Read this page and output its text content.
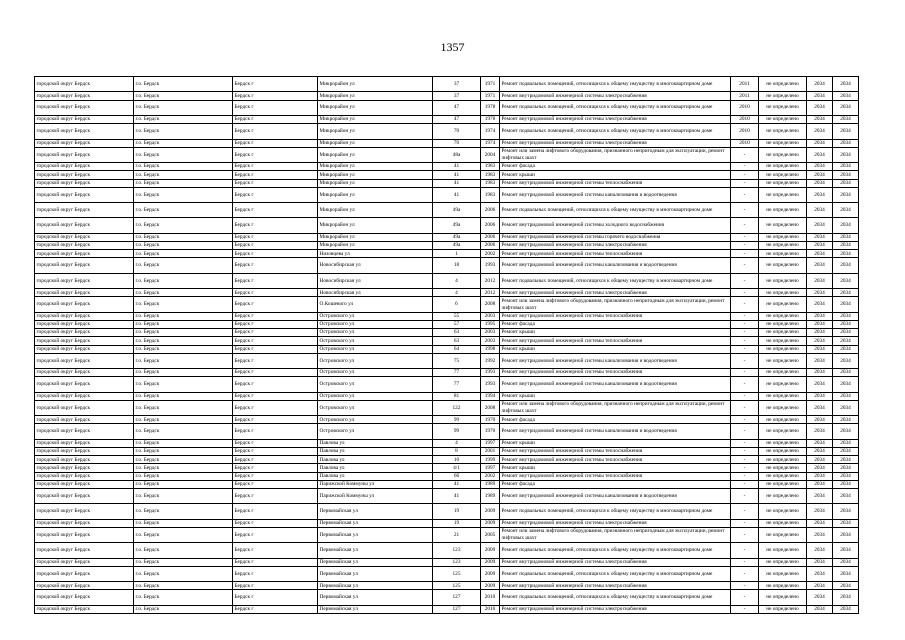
1357
городской округ Бердск	г.о. Бердск	Бердск г	Микрорайон ул	37	1971	Ремонт подвальных помещений, относящихся к общему имуществу в многоквартирном доме	2011	не определено	2034	2034
городской округ Бердск	г.о. Бердск	Бердск г	Микрорайон ул	37	1971	Ремонт внутридомовой инженерной системы электроснабжения	2011	не определено	2034	2034
городской округ Бердск	г.о. Бердск	Бердск г	Микрорайон ул	47	1978	Ремонт подвальных помещений, относящихся к общему имуществу в многоквартирном доме	2010	не определено	2034	2034
городской округ Бердск	г.о. Бердск	Бердск г	Микрорайон ул	47	1978	Ремонт внутридомовой инженерной системы электроснабжения	2010	не определено	2034	2034
городской округ Бердск	г.о. Бердск	Бердск г	Микрорайон ул	70	1974	Ремонт подвальных помещений, относящихся к общему имуществу в многоквартирном доме	2010	не определено	2034	2034
городской округ Бердск	г.о. Бердск	Бердск г	Микрорайон ул	70	1974	Ремонт внутридомовой инженерной системы электроснабжения	2010	не определено	2034	2034
городской округ Бердск	г.о. Бердск	Бердск г	Микрорайон ул	48а	2004	Ремонт или замена лифтового оборудования, признанного непригодным для эксплуатации, ремонт лифтовых шахт	-	не определено	2034	2034
городской округ Бердск	г.о. Бердск	Бердск г	Микрорайон ул	41	1983	Ремонт фасада	-	не определено	2034	2034
городской округ Бердск	г.о. Бердск	Бердск г	Микрорайон ул	41	1983	Ремонт крыши	-	не определено	2034	2034
городской округ Бердск	г.о. Бердск	Бердск г	Микрорайон ул	41	1983	Ремонт внутридомовой инженерной системы теплоснабжения	-	не определено	2034	2034
городской округ Бердск	г.о. Бердск	Бердск г	Микрорайон ул	41	1983	Ремонт внутридомовой инженерной системы канализования и водоотведения	-	не определено	2034	2034
городской округ Бердск	г.о. Бердск	Бердск г	Микрорайон ул	49а	2006	Ремонт подвальных помещений, относящихся к общему имуществу в многоквартирном доме	-	не определено	2034	2034
городской округ Бердск	г.о. Бердск	Бердск г	Микрорайон ул	49а	2006	Ремонт внутридомовой инженерной системы холодного водоснабжения	-	не определено	2034	2034
городской округ Бердск	г.о. Бердск	Бердск г	Микрорайон ул	49а	2006	Ремонт внутридомовой инженерной системы горячего водоснабжения	-	не определено	2034	2034
городской округ Бердск	г.о. Бердск	Бердск г	Микрорайон ул	49а	2006	Ремонт внутридомовой инженерной системы электроснабжения	-	не определено	2034	2034
городской округ Бердск	г.о. Бердск	Бердск г	Низовцева ул	1	2002	Ремонт внутридомовой инженерной системы теплоснабжения	-	не определено	2034	2034
городской округ Бердск	г.о. Бердск	Бердск г	Новосибирская ул	18	1993	Ремонт внутридомовой инженерной системы канализования и водоотведения	-	не определено	2034	2034
городской округ Бердск	г.о. Бердск	Бердск г	Новосибирская ул	4	2012	Ремонт подвальных помещений, относящихся к общему имуществу в многоквартирном доме	-	не определено	2034	2034
городской округ Бердск	г.о. Бердск	Бердск г	Новосибирская ул	4	2012	Ремонт внутридомовой инженерной системы электроснабжения	-	не определено	2034	2034
городской округ Бердск	г.о. Бердск	Бердск г	О.Кошевого ул	6	2008	Ремонт или замена лифтового оборудования, признанного непригодным для эксплуатации, ремонт лифтовых шахт	-	не определено	2034	2034
городской округ Бердск	г.о. Бердск	Бердск г	Островского ул	55	2003	Ремонт внутридомовой инженерной системы теплоснабжения	-	не определено	2034	2034
городской округ Бердск	г.о. Бердск	Бердск г	Островского ул	57	1995	Ремонт фасада	-	не определено	2034	2034
городской округ Бердск	г.о. Бердск	Бердск г	Островского ул	63	2003	Ремонт крыши	-	не определено	2034	2034
городской округ Бердск	г.о. Бердск	Бердск г	Островского ул	63	2003	Ремонт внутридомовой инженерной системы теплоснабжения	-	не определено	2034	2034
городской округ Бердск	г.о. Бердск	Бердск г	Островского ул	64	1998	Ремонт крыши	-	не определено	2034	2034
городской округ Бердск	г.о. Бердск	Бердск г	Островского ул	75	1992	Ремонт внутридомовой инженерной системы канализования и водоотведения	-	не определено	2034	2034
городской округ Бердск	г.о. Бердск	Бердск г	Островского ул	77	1993	Ремонт внутридомовой инженерной системы теплоснабжения	-	не определено	2034	2034
городской округ Бердск	г.о. Бердск	Бердск г	Островского ул	77	1993	Ремонт внутридомовой инженерной системы канализования и водоотведения	-	не определено	2034	2034
городской округ Бердск	г.о. Бердск	Бердск г	Островского ул	81	1994	Ремонт крыши	-	не определено	2034	2034
городской округ Бердск	г.о. Бердск	Бердск г	Островского ул	122	2008	Ремонт или замена лифтового оборудования, признанного непригодным для эксплуатации, ремонт лифтовых шахт	-	не определено	2034	2034
городской округ Бердск	г.о. Бердск	Бердск г	Островского ул	99	1970	Ремонт фасада	-	не определено	2034	2034
городской округ Бердск	г.о. Бердск	Бердск г	Островского ул	99	1970	Ремонт внутридомовой инженерной системы канализования и водоотведения	-	не определено	2034	2034
городской округ Бердск	г.о. Бердск	Бердск г	Павлова ул	4	1997	Ремонт крыши	-	не определено	2034	2034
городской округ Бердск	г.о. Бердск	Бердск г	Павлова ул	8	2001	Ремонт внутридомовой инженерной системы теплоснабжения	-	не определено	2034	2034
городской округ Бердск	г.о. Бердск	Бердск г	Павлова ул	10	1999	Ремонт внутридомовой инженерной системы теплоснабжения	-	не определено	2034	2034
городской округ Бердск	г.о. Бердск	Бердск г	Павлова ул	4/1	1997	Ремонт крыши	-	не определено	2034	2034
городской округ Бердск	г.о. Бердск	Бердск г	Павлова ул	6б	2002	Ремонт внутридомовой инженерной системы теплоснабжения	-	не определено	2034	2034
городской округ Бердск	г.о. Бердск	Бердск г	Парижской Коммуны ул	41	1989	Ремонт фасада	-	не определено	2034	2034
городской округ Бердск	г.о. Бердск	Бердск г	Парижской Коммуны ул	41	1989	Ремонт внутридомовой инженерной системы канализования и водоотведения	-	не определено	2034	2034
городской округ Бердск	г.о. Бердск	Бердск г	Первомайская ул	19	2009	Ремонт подвальных помещений, относящихся к общему имуществу в многоквартирном доме	-	не определено	2034	2034
городской округ Бердск	г.о. Бердск	Бердск г	Первомайская ул	19	2009	Ремонт внутридомовой инженерной системы электроснабжения	-	не определено	2034	2034
городской округ Бердск	г.о. Бердск	Бердск г	Первомайская ул	21	2005	Ремонт или замена лифтового оборудования, признанного непригодным для эксплуатации, ремонт лифтовых шахт	-	не определено	2034	2034
городской округ Бердск	г.о. Бердск	Бердск г	Первомайская ул	123	2009	Ремонт подвальных помещений, относящихся к общему имуществу в многоквартирном доме	-	не определено	2034	2034
городской округ Бердск	г.о. Бердск	Бердск г	Первомайская ул	123	2009	Ремонт внутридомовой инженерной системы электроснабжения	-	не определено	2034	2034
городской округ Бердск	г.о. Бердск	Бердск г	Первомайская ул	125	2009	Ремонт подвальных помещений, относящихся к общему имуществу в многоквартирном доме	-	не определено	2034	2034
городской округ Бердск	г.о. Бердск	Бердск г	Первомайская ул	125	2009	Ремонт внутридомовой инженерной системы электроснабжения	-	не определено	2034	2034
городской округ Бердск	г.о. Бердск	Бердск г	Первомайская ул	127	2010	Ремонт подвальных помещений, относящихся к общему имуществу в многоквартирном доме	-	не определено	2034	2034
городской округ Бердск	г.о. Бердск	Бердск г	Первомайская ул	127	2010	Ремонт внутридомовой инженерной системы электроснабжения	-	не определено	2034	2034
